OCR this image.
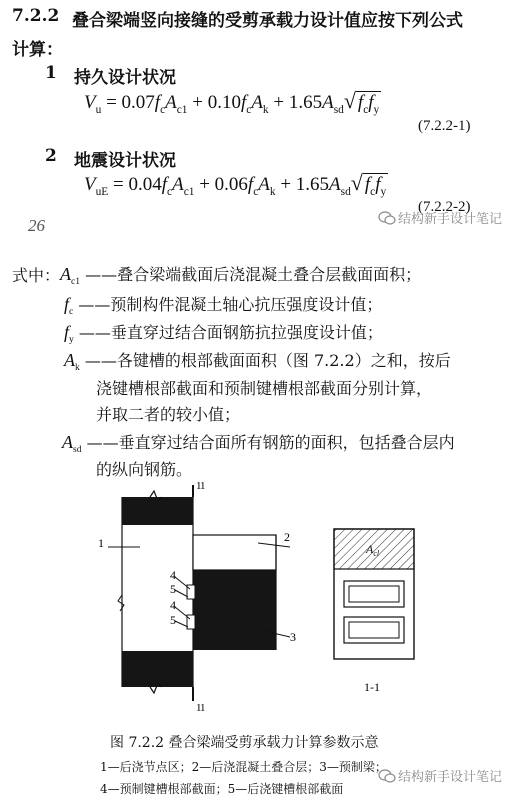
7.2.2 叠合梁端竖向接缝的受剪承载力设计值应按下列公式
计算：
1 持久设计状况
$V_u = 0.07f_cA_{c1} + 0.10f_cA_k + 1.65A_{sd}√$ $f_cf_y$
(7.2.2-1)
2 地震设计状况
$V_{uE} = 0.04f_cA_{c1} + 0.06f_cA_k + 1.65A_{sd}√$ $f_cf_y$
(7.2.2-2)
26	结构新手设计笔记
式中： $A_{c1}$ ——叠合梁端截面后浇混凝土叠合层截面面积；
$f_c$ ——预制构件混凝土轴心抗压强度设计值；
$f_y$ ——垂直穿过结合面钢筋抗拉强度设计值；
$A_k$ ——各键槽的根部截面面积（图 7.2.2）之和，按后
浇键槽根部截面和预制键槽根部截面分别计算，
并取二者的较小值；
$A_{sd}$ ——垂直穿过结合面所有钢筋的面积，包括叠合层内
的纵向钢筋。
1
1
1
1
1	2
3
4
5
4
5
$A_{cl}$
1-1
图 7.2.2 叠合梁端受剪承载力计算参数示意
1—后浇节点区；2—后浇混凝土叠合层；3—预制梁；
4—预制键槽根部截面；5—后浇键槽根部截面
结构新手设计笔记
